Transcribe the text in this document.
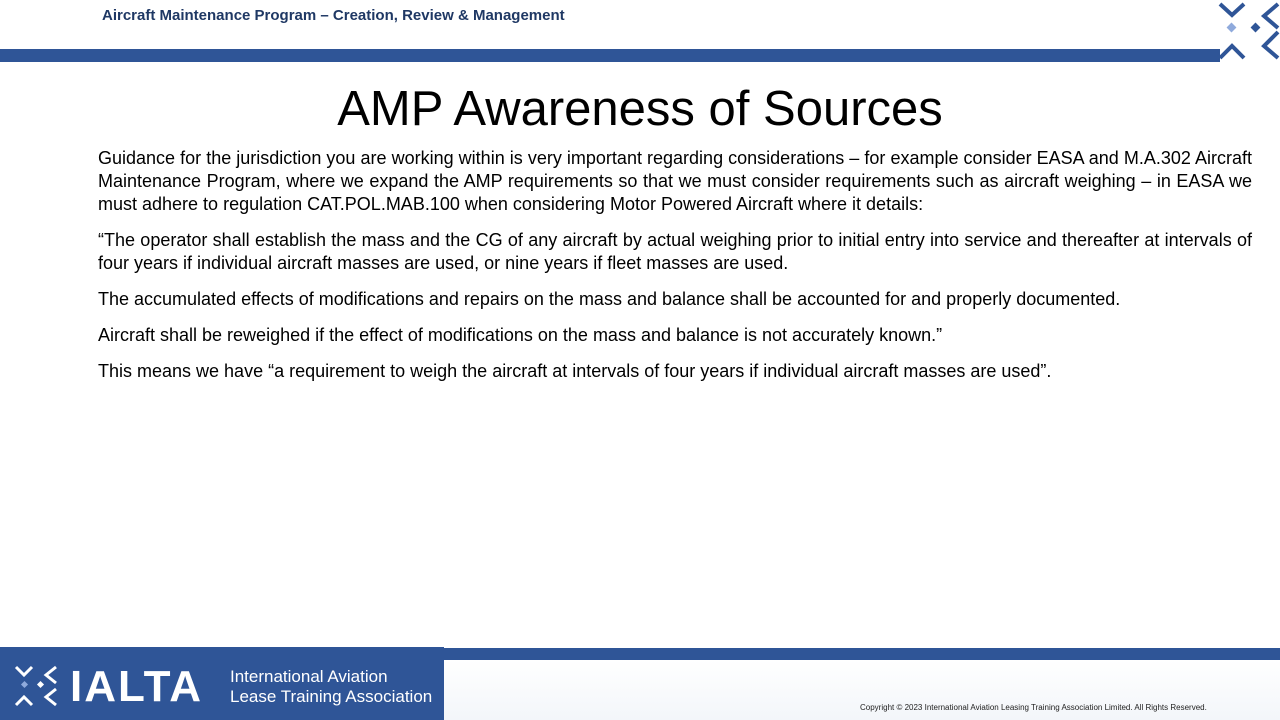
Aircraft Maintenance Program – Creation, Review & Management
AMP Awareness of Sources

Guidance for the jurisdiction you are working within is very important regarding considerations – for example consider EASA and M.A.302 Aircraft Maintenance Program, where we expand the AMP requirements so that we must consider requirements such as aircraft weighing – in EASA we must adhere to regulation CAT.POL.MAB.100 when considering Motor Powered Aircraft where it details:

“The operator shall establish the mass and the CG of any aircraft by actual weighing prior to initial entry into service and thereafter at intervals of four years if individual aircraft masses are used, or nine years if fleet masses are used.

The accumulated effects of modifications and repairs on the mass and balance shall be accounted for and properly documented.

Aircraft shall be reweighed if the effect of modifications on the mass and balance is not accurately known.”

This means we have “a requirement to weigh the aircraft at intervals of four years if individual aircraft masses are used”.

IALTA International Aviation
Lease Training Association
Copyright © 2023 International Aviation Leasing Training Association Limited. All Rights Reserved.
